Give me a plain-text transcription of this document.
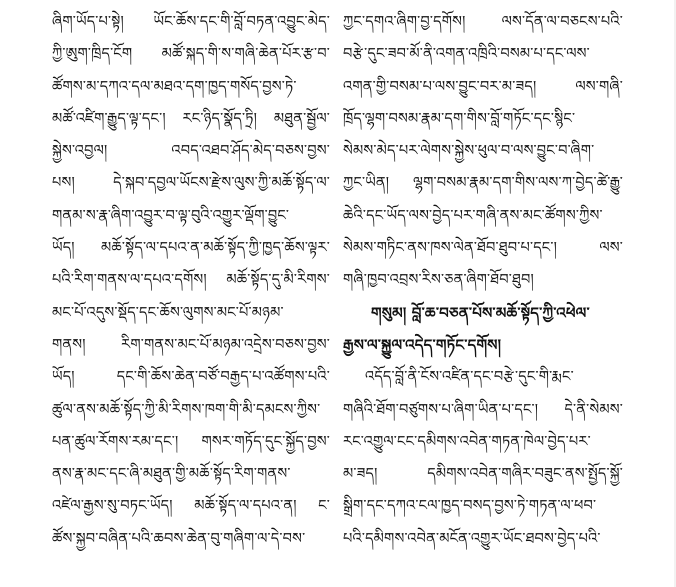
ཞིག་ཡོད་པ་སྟེ། ཡོང་ཆོས་དང་གི་བློ་བཏན་འབྱུང་མེད་
ཀྱི་ཨུག་ཁྲིད་ངོག མཚོ་སྐད་གི་ས་གཞི་ཆེན་པོར་རྩ་བ་
ཚོགས་མ་དཀའ་དལ་མཐའ་དག་ཁྱད་གསོད་བྱས་ཏེ་
མཚོ་འཛིག་རྒྱུད་ལྟ་དང་། རང་ཉིད་སྣོད་ཏྲི། མཐུན་སྦྱོལ་
སྐྱེས་འབྱལ། འབད་འཐབ་ཤོད་མེད་བཅས་བྱས་
པས། དེ་སྐབ་དབྱལ་ཡོངས་རྫེས་ལུས་ཀྱི་མཆོ་སྟོད་ལ་
གནམ་ས་རྣ་ཞིག་འབྱུར་བ་ལྟ་བུའི་འགྱུར་ལྡོག་བྱུང་
ཡོད། མཆོ་སྟོད་ལ་དཔའ་ན་མཆོ་སྟོད་ཀྱི་ཁྱད་ཆོས་ལྟར་
པའི་རིག་གནས་ལ་དཔའ་དགོས། མཆོ་སྟོད་དུ་མི་རིགས་
མང་པོ་འདུས་སྡོད་དང་ཆོས་ལུགས་མང་པོ་མཉམ་
གནས། རིག་གནས་མང་པོ་མཉམ་འདྲེས་བཅས་བྱས་
ཡོད། དང་གི་ཆོས་ཆེན་བཙོ་བརྒྱད་པ་འཚོགས་པའི་
ཚུལ་ནས་མཆོ་སྟོད་ཀྱི་མི་རིགས་ཁག་གི་མི་དམངས་ཀྱིས་
པན་ཚུལ་རོགས་རམ་དང་། གསར་གཏོད་དུང་སྐྱོད་བྱས་
ནས་རྣ་མང་དང་ཞི་མཐུན་གྱི་མཆོ་སྟོད་རིག་གནས་
འཛེལ་རྒྱས་སུ་བཏང་ཡོད། མཆོ་སྟོད་ལ་དཔའ་ན། ང་
ཚོས་སྐྱབ་བཞིན་པའི་ཆབས་ཆེན་བུ་གཞིག་ལ་དེ་བས་
ཀྱང་དགའ་ཞིག་བྱ་དགོས། ལས་དོན་ལ་བཅངས་པའི་
བརྩེ་དུང་ཟབ་མོ་ནི་འགན་འཁྲིའི་བསམ་པ་དང་ལས་
འགན་གྱི་བསམ་པ་ལས་བྱུང་བར་མ་ཟད། ལས་གཞི་
ཁྲོད་ལྷག་བསམ་རྣམ་དག་གིས་བློ་གཏོང་དང་སྙིང་
སེམས་མེད་པར་ལེགས་སྐྱེས་ཕུལ་བ་ལས་བྱུང་བ་ཞིག་
ཀྱང་ཡིན། ལྷག་བསམ་རྣམ་དག་གིས་ལས་ཀ་བྱེད་ཚེ་རྒྱུ་
ཆེའི་དང་ཡོད་ལས་བྱེད་པར་གཞི་ནས་མང་ཚོགས་ཀྱིས་
སེམས་གཏིང་ནས་ཁས་ལེན་ཐོབ་ཐུབ་པ་དང་། ལས་
གཞི་ཁྱབ་འབྲས་རིས་ཅན་ཞིག་ཐོབ་ཐུབ།
གསུམ། བློ་ཆ་བཅན་པོས་མཆོ་སྟོད་ཀྱི་འཕེལ་
རྒྱས་ལ་སྐྱུལ་འདེད་གཏོང་དགོས།
འདོད་བློ་ནི་ངོས་འཛིན་དང་བརྩེ་དུང་གི་རྨང་
གཞིའི་ཐོག་བཙུགས་པ་ཞིག་ཡིན་པ་དང་། དེ་ནི་སེམས་
རང་འགྱུལ་ངང་དམིགས་འབེན་གཏན་ཁེལ་བྱེད་པར་
མ་ཟད། དམིགས་འབེན་གཞིར་བཟུང་ནས་སྤྱོད་སྐྱོ་
སྒྲིག་དང་དཀའ་ངལ་ཁྱད་བསད་བྱས་ཏེ་གཏན་ལ་ཕབ་
པའི་དམིགས་འབེན་མངོན་འགྱུར་ཡོང་ཐབས་བྱེད་པའི་
